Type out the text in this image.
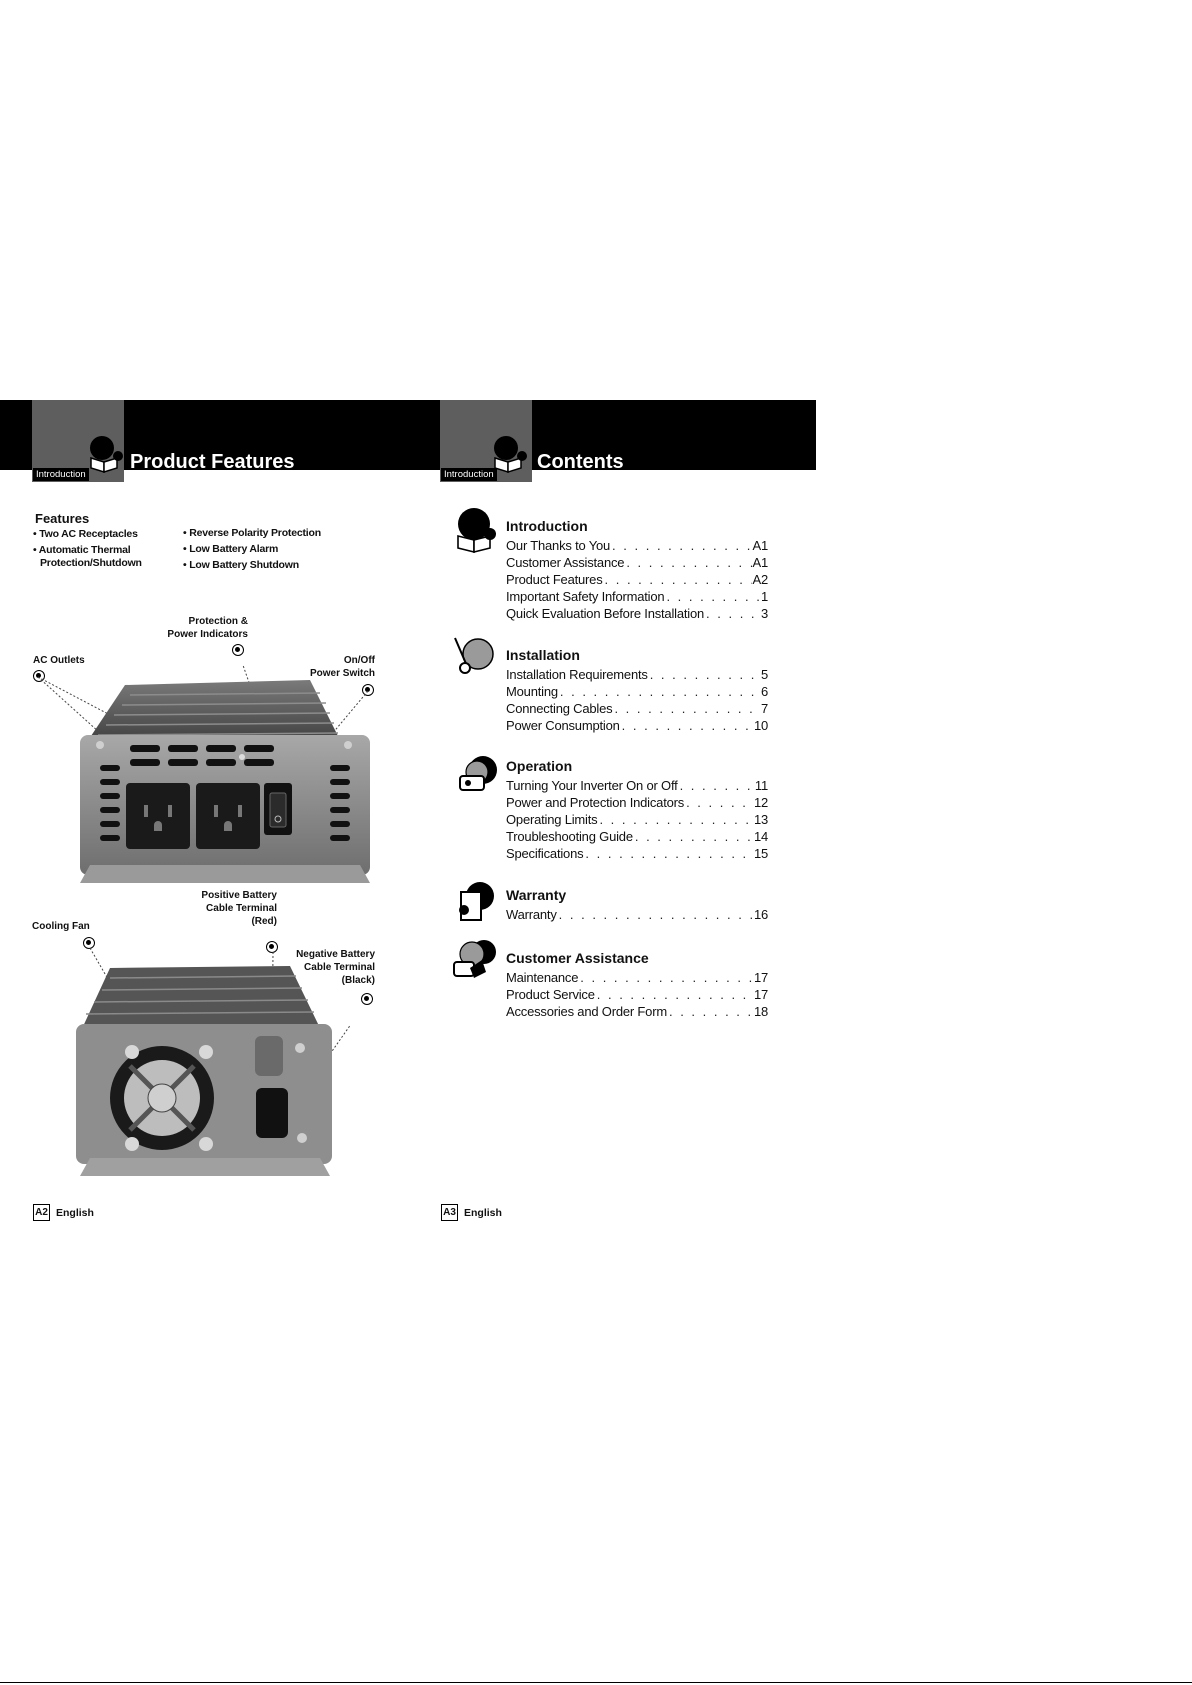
Introduction
Product Features
Features
• Two AC Receptacles
• Automatic Thermal
Protection/Shutdown
• Reverse Polarity Protection
• Low Battery Alarm
• Low Battery Shutdown
Protection &
Power Indicators
AC Outlets	On/Off
Power Switch
Positive Battery
Cable Terminal
(Red)
Cooling Fan
Negative Battery
Cable Terminal
(Black)
A2 English
Introduction
Contents
Introduction
Our Thanks to You . . .	A1
Customer Assistance . . .	A1
Product Features . . .	A2
Important Safety Information . . .	1
Quick Evaluation Before Installation . . .	3
Installation
Installation Requirements . . .	5
Mounting . . .	6
Connecting Cables . . .	7
Power Consumption . . .	10
Operation
Turning Your Inverter On or Off . . .	11
Power and Protection Indicators . . .	12
Operating Limits . . .	13
Troubleshooting Guide . . .	14
Specifications . . .	15
Warranty
Warranty . . .	16
Customer Assistance
Maintenance . . .	17
Product Service . . .	17
Accessories and Order Form . . .	18
A3 English
